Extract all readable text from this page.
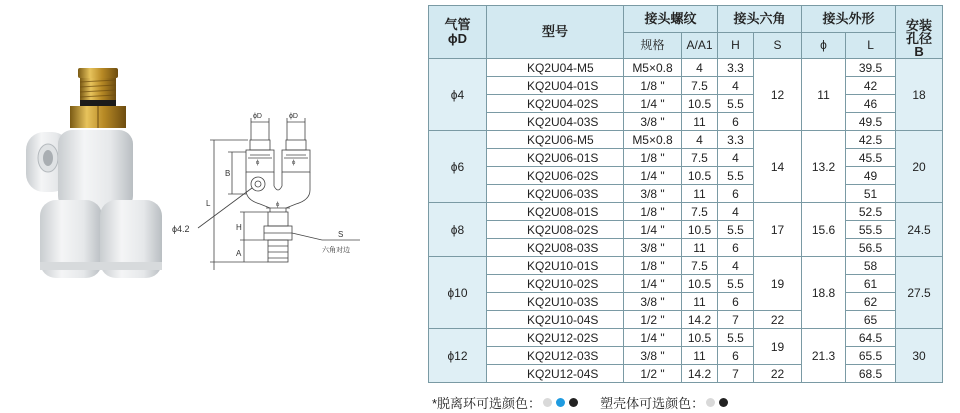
ϕD	ϕD
B
L
H
A
S
ϕ	ϕ
ϕ
ϕ4.2
六角对边
气管
ϕD	型号	接头螺纹		接头六角		接头外形		安装
孔径
B

		规格	A/A1	H	S	ϕ	L	
ϕ4	KQ2U04-M5	M5×0.8	4	3.3	12	11	39.5	18
	KQ2U04-01S	1/8 "	7.5	4			42	
	KQ2U04-02S	1/4 "	10.5	5.5			46	
	KQ2U04-03S	3/8 "	11	6			49.5	
ϕ6	KQ2U06-M5	M5×0.8	4	3.3	14	13.2	42.5	20
	KQ2U06-01S	1/8 "	7.5	4			45.5	
	KQ2U06-02S	1/4 "	10.5	5.5			49	
	KQ2U06-03S	3/8 "	11	6			51	
ϕ8	KQ2U08-01S	1/8 "	7.5	4	17	15.6	52.5	24.5
	KQ2U08-02S	1/4 "	10.5	5.5			55.5	
	KQ2U08-03S	3/8 "	11	6			56.5	
ϕ10	KQ2U10-01S	1/8 "	7.5	4	19	18.8	58	27.5
	KQ2U10-02S	1/4 "	10.5	5.5			61	
	KQ2U10-03S	3/8 "	11	6			62	
	KQ2U10-04S	1/2 "	14.2	7	22		65	
ϕ12	KQ2U12-02S	1/4 "	10.5	5.5	19	21.3	64.5	30
	KQ2U12-03S	3/8 "	11	6			65.5	
	KQ2U12-04S	1/2 "	14.2	7	22		68.5	
*脱离环可选颜色：	塑壳体可选颜色：
